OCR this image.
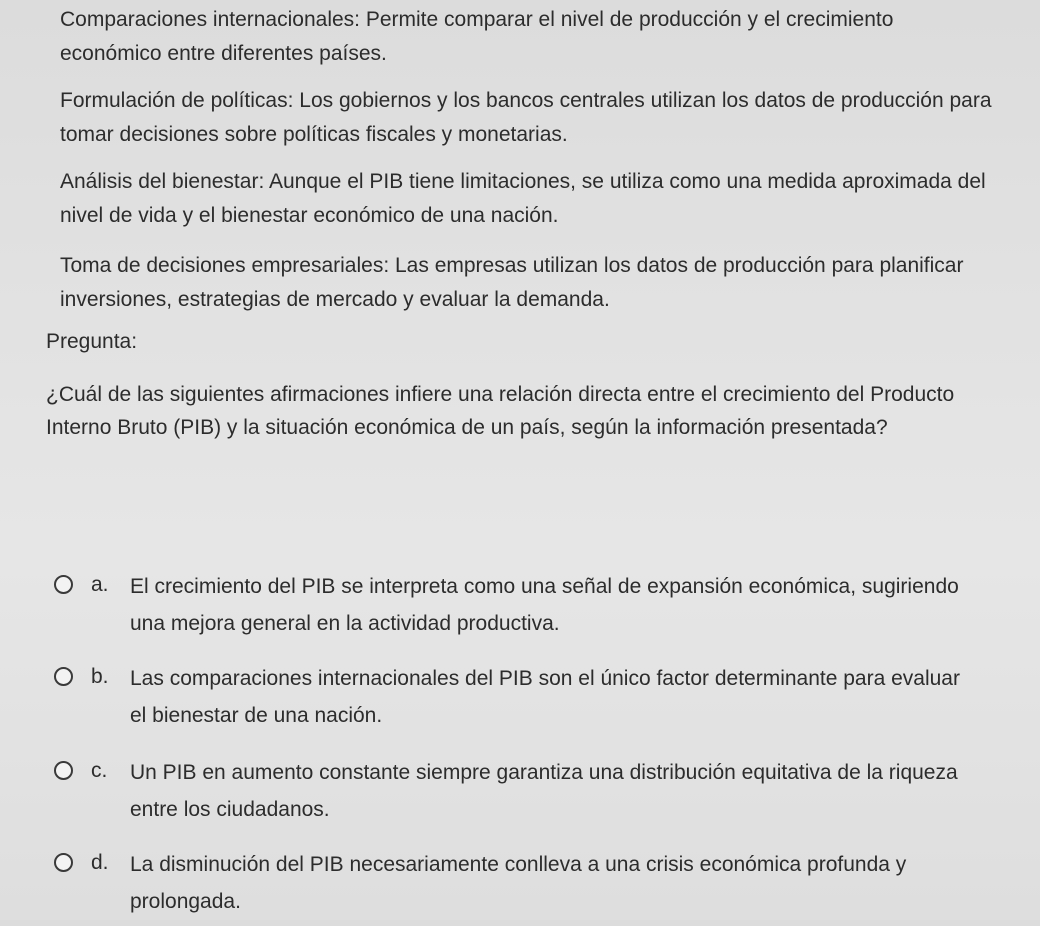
Comparaciones internacionales: Permite comparar el nivel de producción y el crecimiento económico entre diferentes países.

Formulación de políticas: Los gobiernos y los bancos centrales utilizan los datos de producción para tomar decisiones sobre políticas fiscales y monetarias.

Análisis del bienestar: Aunque el PIB tiene limitaciones, se utiliza como una medida aproximada del nivel de vida y el bienestar económico de una nación.

Toma de decisiones empresariales: Las empresas utilizan los datos de producción para planificar inversiones, estrategias de mercado y evaluar la demanda.

Pregunta:
¿Cuál de las siguientes afirmaciones infiere una relación directa entre el crecimiento del Producto Interno Bruto (PIB) y la situación económica de un país, según la información presentada?
a. El crecimiento del PIB se interpreta como una señal de expansión económica, sugiriendo una mejora general en la actividad productiva.
b. Las comparaciones internacionales del PIB son el único factor determinante para evaluar el bienestar de una nación.
c. Un PIB en aumento constante siempre garantiza una distribución equitativa de la riqueza entre los ciudadanos.
d. La disminución del PIB necesariamente conlleva a una crisis económica profunda y prolongada.
